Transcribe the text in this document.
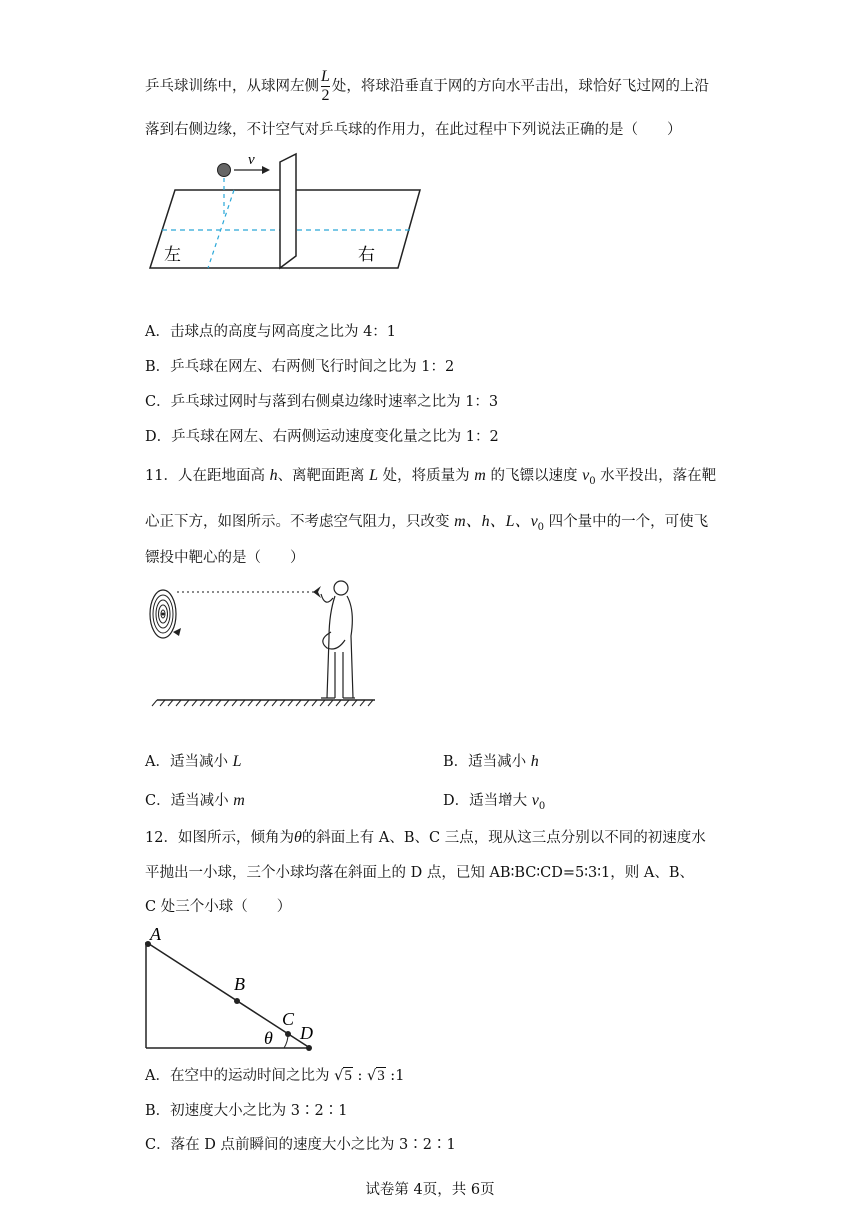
乒乓球训练中，从球网左侧 $\frac{L}{2}$ 处，将球沿垂直于网的方向水平击出，球恰好飞过网的上沿
落到右侧边缘，不计空气对乒乓球的作用力，在此过程中下列说法正确的是（　　）
v
左	右
A．击球点的高度与网高度之比为 4：1
B．乒乓球在网左、右两侧飞行时间之比为 1：2
C．乒乓球过网时与落到右侧桌边缘时速率之比为 1：3
D．乒乓球在网左、右两侧运动速度变化量之比为 1：2
11．人在距地面高 h、离靶面距离 L 处，将质量为 m 的飞镖以速度 $v_0$ 水平投出，落在靶
心正下方，如图所示。不考虑空气阻力，只改变 m、h、L、$v_0$ 四个量中的一个，可使飞
镖投中靶心的是（　　）
A．适当减小 L	B．适当减小 h
C．适当减小 m	D．适当增大 $v_0$
12．如图所示，倾角为θ的斜面上有 A、B、C 三点，现从这三点分别以不同的初速度水
平抛出一小球，三个小球均落在斜面上的 D 点，已知 AB∶BC∶CD=5∶3∶1，则 A、B、
C 处三个小球（　　）
A
B
C
D
θ
A．在空中的运动时间之比为 √5 : √3 :1
B．初速度大小之比为 3∶2∶1
C．落在 D 点前瞬间的速度大小之比为 3∶2∶1
试卷第 4页，共 6页
